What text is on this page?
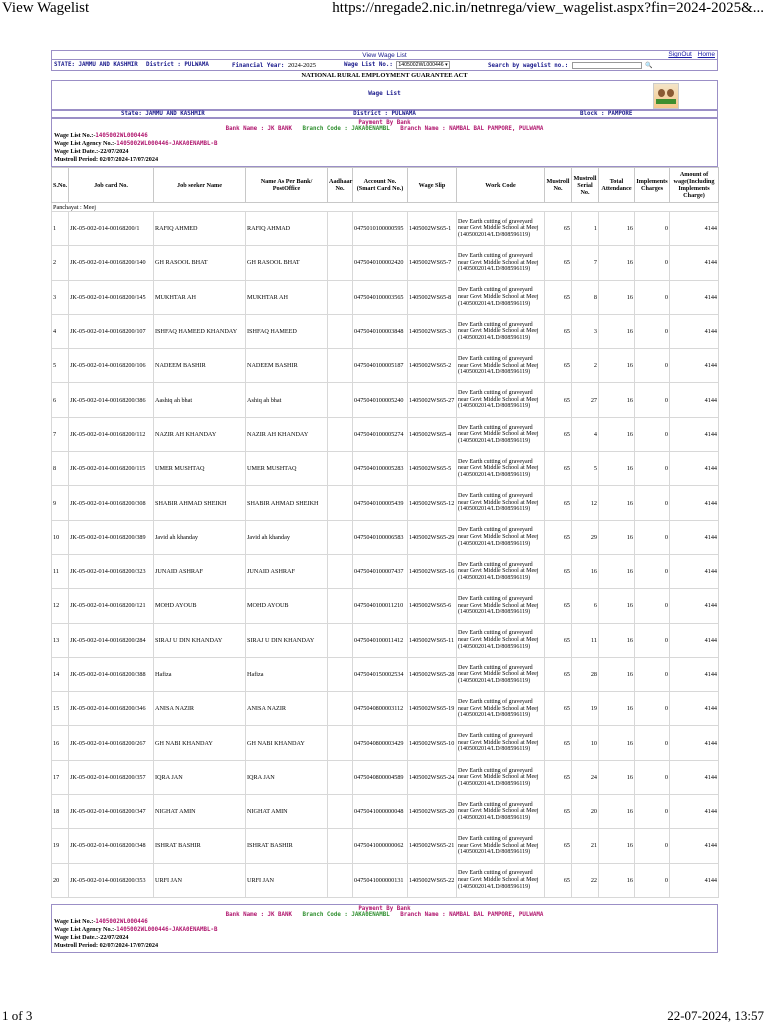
View Wagelist	https://nregade2.nic.in/netnrega/view_wagelist.aspx?fin=2024-2025&...
View Wage List	SignOut Home
STATE: JAMMU AND KASHMIR	District : PULWAMA	Financial Year: 2024-2025	Wage List No.: 1405002WL000446 ▾	Search by wagelist no.:	🔍
NATIONAL RURAL EMPLOYMENT GUARANTEE ACT
Wage List
State: JAMMU AND KASHMIR	District : PULWAMA	Block : PAMPORE
Payment By Bank
Bank Name : JK BANK Branch Code : JAKA0ENAMBL Branch Name : NAMBAL BAL PAMPORE, PULWAMA
Wage List No.:-1405002WL000446
Wage List Agency No.:-1405002WL000446-JAKA0ENAMBL-B
Wage List Date.:-22/07/2024
Mustroll Period: 02/07/2024-17/07/2024
S.No.	Job card No.	Job seeker Name	Name As Per Bank/ PostOffice	Aadhaar No.	Account No. (Smart Card No.)	Wage Slip	Work Code	Mustroll No.	Mustroll Serial No.	Total Attendance	Implements Charges	Amount of wage(Including Implements Charge)
Panchayat : Meej												
1	JK-05-002-014-00168200/1	RAFIQ AHMED	RAFIQ AHMAD		0475010100000595	1405002WS65-1	Dev Earth cutting of graveyard near Govt Middle School at Meej (1405002014/LD/808596119)	65	1	16	0	4144
2	JK-05-002-014-00168200/140	GH RASOOL BHAT	GH RASOOL BHAT		0475040100002420	1405002WS65-7	Dev Earth cutting of graveyard near Govt Middle School at Meej (1405002014/LD/808596119)	65	7	16	0	4144
3	JK-05-002-014-00168200/145	MUKHTAR AH	MUKHTAR AH		0475040100003565	1405002WS65-8	Dev Earth cutting of graveyard near Govt Middle School at Meej (1405002014/LD/808596119)	65	8	16	0	4144
4	JK-05-002-014-00168200/107	ISHFAQ HAMEED KHANDAY	ISHFAQ HAMEED		0475040100003848	1405002WS65-3	Dev Earth cutting of graveyard near Govt Middle School at Meej (1405002014/LD/808596119)	65	3	16	0	4144
5	JK-05-002-014-00168200/106	NADEEM BASHIR	NADEEM BASHIR		0475040100005187	1405002WS65-2	Dev Earth cutting of graveyard near Govt Middle School at Meej (1405002014/LD/808596119)	65	2	16	0	4144
6	JK-05-002-014-00168200/386	Aashiq ah bhat	Ashiq ah bhat		0475040100005240	1405002WS65-27	Dev Earth cutting of graveyard near Govt Middle School at Meej (1405002014/LD/808596119)	65	27	16	0	4144
7	JK-05-002-014-00168200/112	NAZIR AH KHANDAY	NAZIR AH KHANDAY		0475040100005274	1405002WS65-4	Dev Earth cutting of graveyard near Govt Middle School at Meej (1405002014/LD/808596119)	65	4	16	0	4144
8	JK-05-002-014-00168200/115	UMER MUSHTAQ	UMER MUSHTAQ		0475040100005283	1405002WS65-5	Dev Earth cutting of graveyard near Govt Middle School at Meej (1405002014/LD/808596119)	65	5	16	0	4144
9	JK-05-002-014-00168200/308	SHABIR AHMAD SHEIKH	SHABIR AHMAD SHEIKH		0475040100005439	1405002WS65-12	Dev Earth cutting of graveyard near Govt Middle School at Meej (1405002014/LD/808596119)	65	12	16	0	4144
10	JK-05-002-014-00168200/389	Javid ah khanday	Javid ah khanday		0475040100006583	1405002WS65-29	Dev Earth cutting of graveyard near Govt Middle School at Meej (1405002014/LD/808596119)	65	29	16	0	4144
11	JK-05-002-014-00168200/323	JUNAID ASHRAF	JUNAID ASHRAF		0475040100007437	1405002WS65-16	Dev Earth cutting of graveyard near Govt Middle School at Meej (1405002014/LD/808596119)	65	16	16	0	4144
12	JK-05-002-014-00168200/121	MOHD AYOUB	MOHD AYOUB		0475040100011210	1405002WS65-6	Dev Earth cutting of graveyard near Govt Middle School at Meej (1405002014/LD/808596119)	65	6	16	0	4144
13	JK-05-002-014-00168200/284	SIRAJ U DIN KHANDAY	SIRAJ U DIN KHANDAY		0475040100011412	1405002WS65-11	Dev Earth cutting of graveyard near Govt Middle School at Meej (1405002014/LD/808596119)	65	11	16	0	4144
14	JK-05-002-014-00168200/388	Hafiza	Hafiza		0475040150002534	1405002WS65-28	Dev Earth cutting of graveyard near Govt Middle School at Meej (1405002014/LD/808596119)	65	28	16	0	4144
15	JK-05-002-014-00168200/346	ANISA NAZIR	ANISA NAZIR		0475040800003112	1405002WS65-19	Dev Earth cutting of graveyard near Govt Middle School at Meej (1405002014/LD/808596119)	65	19	16	0	4144
16	JK-05-002-014-00168200/267	GH NABI KHANDAY	GH NABI KHANDAY		0475040800003429	1405002WS65-10	Dev Earth cutting of graveyard near Govt Middle School at Meej (1405002014/LD/808596119)	65	10	16	0	4144
17	JK-05-002-014-00168200/357	IQRA JAN	IQRA JAN		0475040800004589	1405002WS65-24	Dev Earth cutting of graveyard near Govt Middle School at Meej (1405002014/LD/808596119)	65	24	16	0	4144
18	JK-05-002-014-00168200/347	NIGHAT AMIN	NIGHAT AMIN		0475041000000048	1405002WS65-20	Dev Earth cutting of graveyard near Govt Middle School at Meej (1405002014/LD/808596119)	65	20	16	0	4144
19	JK-05-002-014-00168200/348	ISHRAT BASHIR	ISHRAT BASHIR		0475041000000062	1405002WS65-21	Dev Earth cutting of graveyard near Govt Middle School at Meej (1405002014/LD/808596119)	65	21	16	0	4144
20	JK-05-002-014-00168200/353	URFI JAN	URFI JAN		0475041000000131	1405002WS65-22	Dev Earth cutting of graveyard near Govt Middle School at Meej (1405002014/LD/808596119)	65	22	16	0	4144
Payment By Bank
Bank Name : JK BANK Branch Code : JAKA0ENAMBL Branch Name : NAMBAL BAL PAMPORE, PULWAMA
Wage List No.:-1405002WL000446
Wage List Agency No.:-1405002WL000446-JAKA0ENAMBL-B
Wage List Date.:-22/07/2024
Mustroll Period: 02/07/2024-17/07/2024
1 of 3	22-07-2024, 13:57
